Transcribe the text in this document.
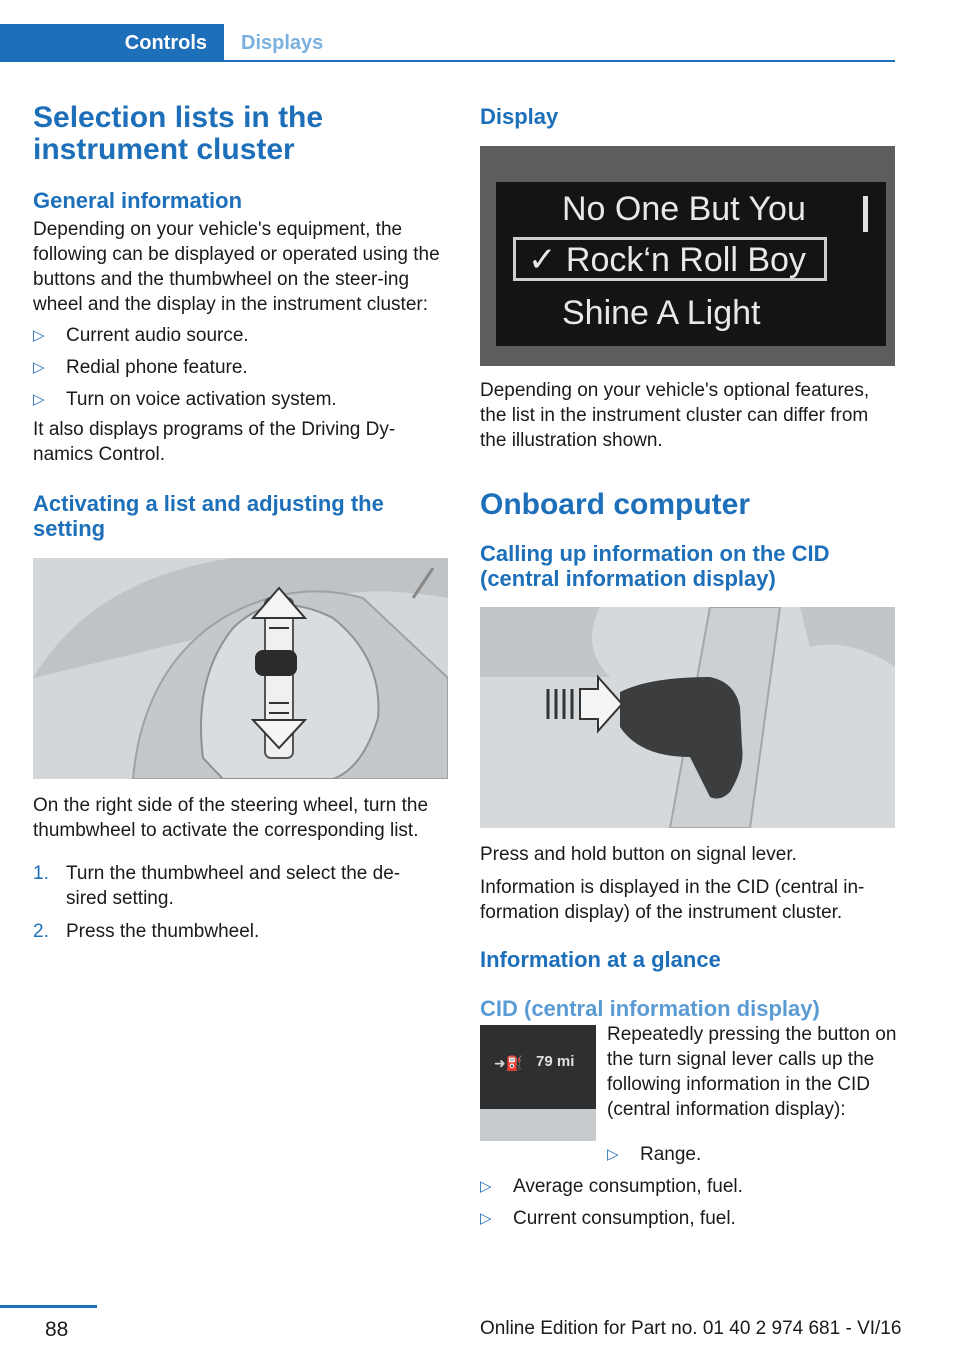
Controls Displays
Selection lists in the instrument cluster
General information

Depending on your vehicle's equipment, the following can be displayed or operated using the buttons and the thumbwheel on the steer-ing wheel and the display in the instrument cluster:

▷ Current audio source.
▷ Redial phone feature.
▷ Turn on voice activation system.

It also displays programs of the Driving Dy-namics Control.

Activating a list and adjusting the setting

On the right side of the steering wheel, turn the thumbwheel to activate the corresponding list.

1. Turn the thumbwheel and select the de-sired setting.
2. Press the thumbwheel.
Display
No One But You
✓ Rock‘n Roll Boy
Shine A Light

Depending on your vehicle's optional features, the list in the instrument cluster can differ from the illustration shown.

Onboard computer
Calling up information on the CID (central information display)

Press and hold button on signal lever.

Information is displayed in the CID (central in-formation display) of the instrument cluster.

Information at a glance
CID (central information display)
➜⛽ 79 mi

Repeatedly pressing the button on the turn signal lever calls up the following information in the CID (central information display):

▷ Range.
▷ Average consumption, fuel.
▷ Current consumption, fuel.
88	Online Edition for Part no. 01 40 2 974 681 - VI/16
